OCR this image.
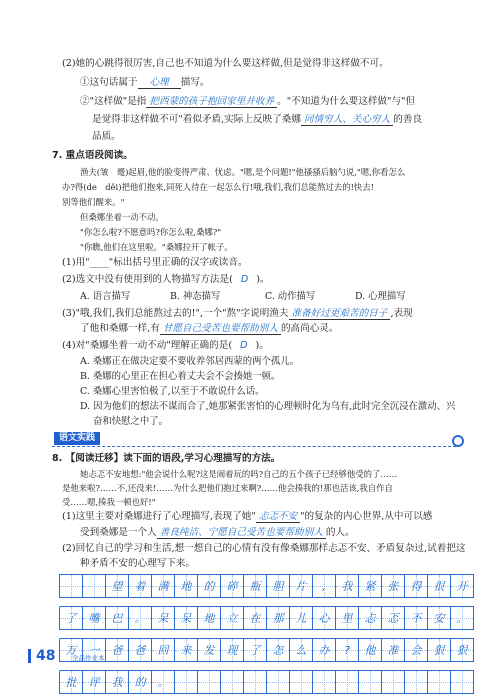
(2)她的心跳得很厉害,自己也不知道为什么要这样做,但是觉得非这样做不可。
①这句话属于 心理 描写。
②"这样做"是指 把西蒙的孩子抱回家里并收养 。"不知道为什么要这样做"与"但
是觉得非这样做不可"看似矛盾,实际上反映了桑娜 同情穷人、关心穷人 的善良
品质。
7. 重点语段阅读。
渔夫(皱　蹙)起眉,他的脸变得严肃、忧虑。"嗯,是个问题!"他搔搔后脑勺说,"嗯,你看怎么
办?得(de　děi)把他们抱来,同死人待在一起怎么行!哦,我们,我们总能熬过去的!快去!
别等他们醒来。"
但桑娜坐着一动不动。
"你怎么啦?不愿意吗?你怎么啦,桑娜?"
"你瞧,他们在这里啦。"桑娜拉开了帐子。
(1)用"____"标出括号里正确的汉字或读音。
(2)选文中没有使用到的人物描写方法是( D )。
A. 语言描写	B. 神态描写	C. 动作描写	D. 心理描写
(3)"哦,我们,我们总能熬过去的!",一个"熬"字说明渔夫 准备好过更艰苦的日子 ,表现
了他和桑娜一样,有 甘愿自己受苦也要帮助别人 的高尚心灵。
(4)对"桑娜坐着一动不动"理解正确的是( D )。
A. 桑娜正在做决定要不要收养邻居西蒙的两个孤儿。
B. 桑娜的心里正在担心着丈夫会不会揍她一顿。
C. 桑娜心里害怕极了,以至于不敢说什么话。
D. 因为他们的想法不谋而合了,她那紧张害怕的心理顿时化为乌有,此时完全沉浸在激动、兴
奋和快慰之中了。
语文实践
8. 【阅读迁移】读下面的语段,学习心理描写的方法。
她忐忑不安地想:"他会说什么呢?这是闹着玩的吗?自己的五个孩子已经够他受的了……
是他来啦?……不,还没来!……为什么把他们抱过来啊?……他会揍我的!那也活该,我自作自
受……嗯,揍我一顿也好!"
(1)这里主要对桑娜进行了心理描写,表现了她" 忐忑不安 "的复杂的内心世界,从中可以感
受到桑娜是一个人 善良纯洁、宁愿自己受苦也要帮助别人 的人。
(2)回忆自己的学习和生活,想一想自己的心情有没有像桑娜那样忐忑不安、矛盾复杂过,试着把这
种矛盾不安的心理写下来。
望 着 满 地 的 碎 瓶 胆 片 , 我 紧 张 得 很 开
了 嘴 巴 。 呆 呆 地 立 在 那 儿 心 里 忐 忑 不 安 。
万 一 爸 爸 回 来 发 现 了 怎 么 办 ? 他 准 会 狠 狠
批 评 我 的 。
48	全品作业本
